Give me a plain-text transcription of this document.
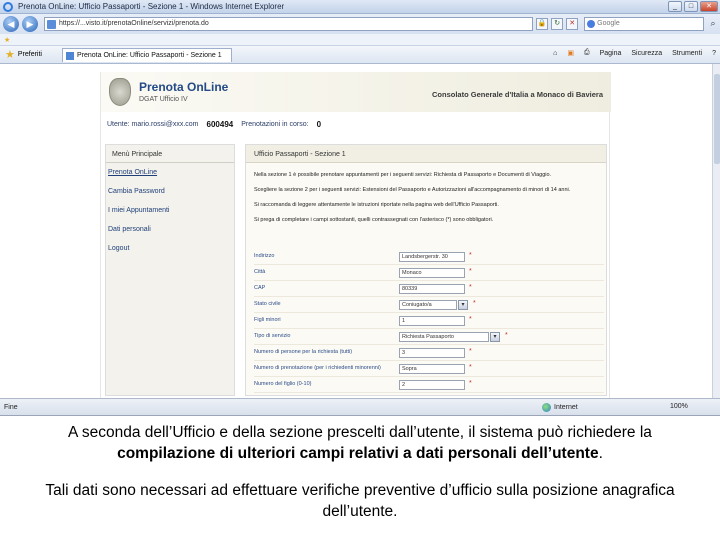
Prenota OnLine: Ufficio Passaporti - Sezione 1 - Windows Internet Explorer	_	□	✕
◀	▶	https://...visto.it/prenotaOnline/servizi/prenota.do	🔒	↻	✕	Google	⌕
★
★ Preferiti	Prenota OnLine: Ufficio Passaporti - Sezione 1	⌂ ▣ ⎙ Pagina Sicurezza Strumenti ?
Prenota OnLine
DGAT Ufficio IV
Consolato Generale d'Italia a Monaco di Baviera
Utente: mario.rossi@xxx.com 600494 Prenotazioni in corso: 0
Menù Principale
Prenota OnLine
Cambia Password
I miei Appuntamenti
Dati personali
Logout
Ufficio Passaporti - Sezione 1
Nella sezione 1 è possibile prenotare appuntamenti per i seguenti servizi: Richiesta di Passaporto e Documenti di Viaggio.
Scegliere la sezione 2 per i seguenti servizi: Estensioni del Passaporto e Autorizzazioni all'accompagnamento di minori di 14 anni.
Si raccomanda di leggere attentamente le istruzioni riportate nella pagina web dell'Ufficio Passaporti.
Si prega di completare i campi sottostanti, quelli contrassegnati con l'asterisco (*) sono obbligatori.
Indirizzo	Landsbergerstr. 30	*
Città	Monaco	*
CAP	80339	*
Stato civile	Coniugato/a	▾	*
Figli minori	1	*
Tipo di servizio	Richiesta Passaporto	▾	*
Numero di persone per la richiesta (tutti)	3	*
Numero di prenotazione (per i richiedenti minorenni)	Sopra	*
Numero del figlio (0-10)	2	*
Fine	Internet	100%
A seconda dell’Ufficio e della sezione prescelti dall’utente, il sistema può richiedere la
compilazione di ulteriori campi relativi a dati personali dell’utente.
Tali dati sono necessari ad effettuare verifiche preventive d’ufficio sulla posizione anagrafica dell’utente.
